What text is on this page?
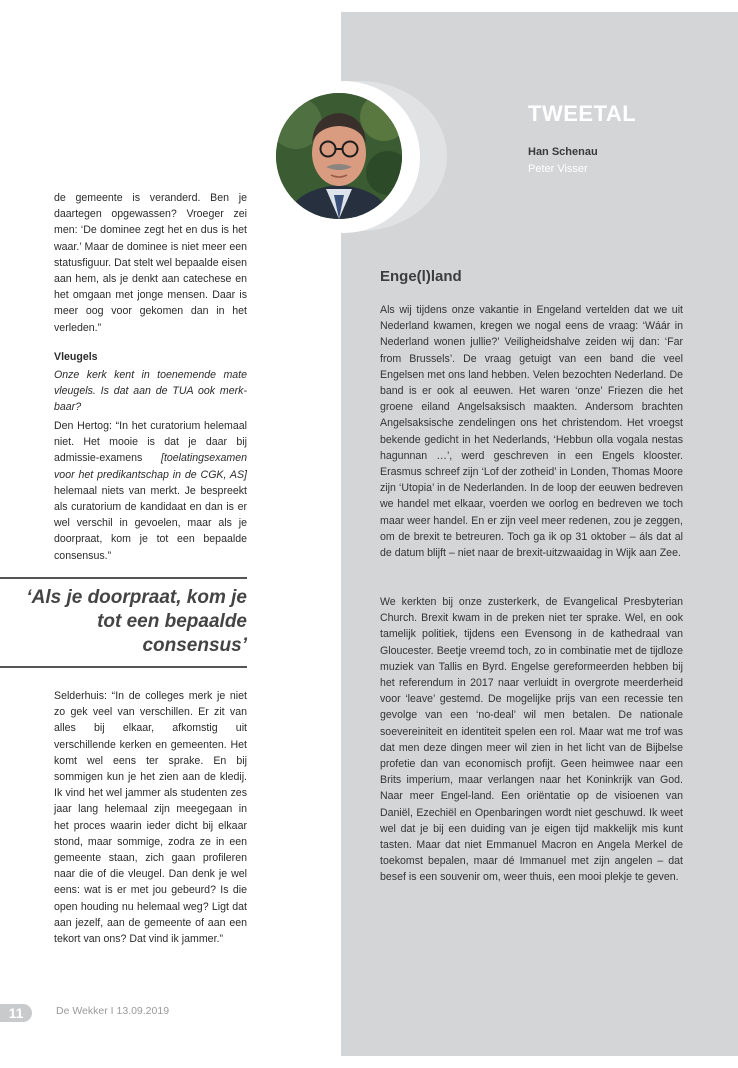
TWEETAL
Han Schenau
Peter Visser
Enge(l)land

Als wij tijdens onze vakantie in Engeland vertelden dat we uit Nederland kwamen, kregen we nogal eens de vraag: ‘Wáár in Nederland wonen jullie?’ Veiligheidshalve zeiden wij dan: ‘Far from Brussels’. De vraag getuigt van een band die veel Engelsen met ons land hebben. Velen bezochten Nederland. De band is er ook al eeuwen. Het waren ‘onze’ Friezen die het groene eiland Angelsaksisch maakten. Andersom brachten Angelsaksische zendelingen ons het christendom. Het vroegst bekende gedicht in het Nederlands, ‘Hebbun olla vogala nestas hagunnan …’, werd geschreven in een Engels klooster. Erasmus schreef zijn ‘Lof der zotheid’ in Londen, Thomas Moore zijn ‘Utopia’ in de Nederlanden. In de loop der eeuwen bedreven we handel met elkaar, voerden we oorlog en bedreven we toch maar weer handel. En er zijn veel meer redenen, zou je zeggen, om de brexit te betreuren. Toch ga ik op 31 oktober – áls dat al de datum blijft – niet naar de brexit-uitzwaaidag in Wijk aan Zee.

We kerkten bij onze zusterkerk, de Evangelical Presbyterian Church. Brexit kwam in de preken niet ter sprake. Wel, en ook tamelijk politiek, tijdens een Evensong in de kathedraal van Gloucester. Beetje vreemd toch, zo in combinatie met de tijdloze muziek van Tallis en Byrd. Engelse gereformeerden hebben bij het referendum in 2017 naar verluidt in overgrote meerderheid voor ‘leave’ gestemd. De mogelijke prijs van een recessie ten gevolge van een ‘no-deal’ wil men betalen. De nationale soevereiniteit en identiteit spelen een rol. Maar wat me trof was dat men deze dingen meer wil zien in het licht van de Bijbelse profetie dan van economisch profijt. Geen heimwee naar een Brits imperium, maar verlangen naar het Koninkrijk van God. Naar meer Engel-land. Een oriëntatie op de visioenen van Daniël, Ezechiël en Openbaringen wordt niet geschuwd. Ik weet wel dat je bij een duiding van je eigen tijd makkelijk mis kunt tasten. Maar dat niet Emmanuel Macron en Angela Merkel de toekomst bepalen, maar dé Immanuel met zijn angelen – dat besef is een souvenir om, weer thuis, een mooi plekje te geven.

de gemeente is veranderd. Ben je daartegen opgewassen? Vroeger zei men: ‘De dominee zegt het en dus is het waar.’ Maar de dominee is niet meer een statusfiguur. Dat stelt wel bepaalde eisen aan hem, als je denkt aan catechese en het omgaan met jonge mensen. Daar is meer oog voor gekomen dan in het verleden.”

Vleugels

Onze kerk kent in toenemende mate vleugels. Is dat aan de TUA ook merk-baar?

Den Hertog: “In het curatorium helemaal niet. Het mooie is dat je daar bij admissie-examens [toelatingsexamen voor het predikantschap in de CGK, AS] helemaal niets van merkt. Je bespreekt als curatorium de kandidaat en dan is er wel verschil in gevoelen, maar als je doorpraat, kom je tot een bepaalde consensus.”

‘Als je doorpraat, kom je tot een bepaalde consensus’

Selderhuis: “In de colleges merk je niet zo gek veel van verschillen. Er zit van alles bij elkaar, afkomstig uit verschillende kerken en gemeenten. Het komt wel eens ter sprake. En bij sommigen kun je het zien aan de kledij. Ik vind het wel jammer als studenten zes jaar lang helemaal zijn meegegaan in het proces waarin ieder dicht bij elkaar stond, maar sommige, zodra ze in een gemeente staan, zich gaan profileren naar die of die vleugel. Dan denk je wel eens: wat is er met jou gebeurd? Is die open houding nu helemaal weg? Ligt dat aan jezelf, aan de gemeente of aan een tekort van ons? Dat vind ik jammer.”

11	De Wekker I 13.09.2019
